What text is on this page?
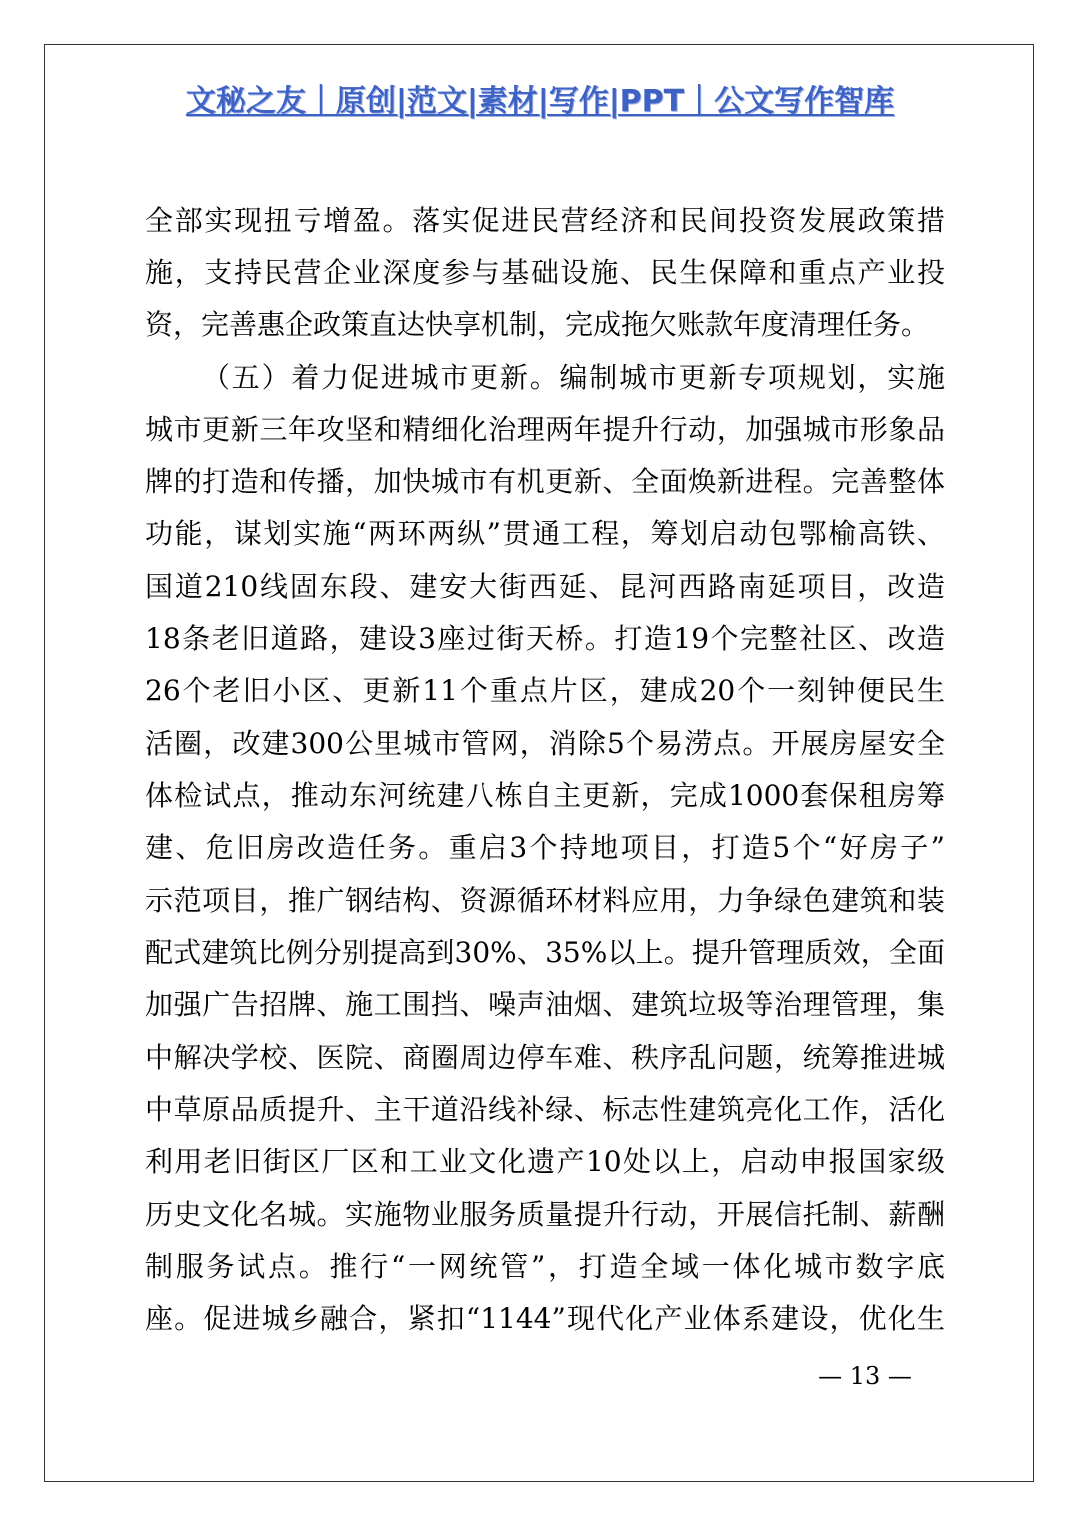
文秘之友｜原创|范文|素材|写作|PPT｜公文写作智库
全部实现扭亏增盈。落实促进民营经济和民间投资发展政策措
施，支持民营企业深度参与基础设施、民生保障和重点产业投
资，完善惠企政策直达快享机制，完成拖欠账款年度清理任务。
（五）着力促进城市更新。编制城市更新专项规划，实施
城市更新三年攻坚和精细化治理两年提升行动，加强城市形象品
牌的打造和传播，加快城市有机更新、全面焕新进程。完善整体
功能，谋划实施“两环两纵”贯通工程，筹划启动包鄂榆高铁、
国道210线固东段、建安大街西延、昆河西路南延项目，改造
18条老旧道路，建设3座过街天桥。打造19个完整社区、改造
26个老旧小区、更新11个重点片区，建成20个一刻钟便民生
活圈，改建300公里城市管网，消除5个易涝点。开展房屋安全
体检试点，推动东河统建八栋自主更新，完成1000套保租房筹
建、危旧房改造任务。重启3个持地项目，打造5个“好房子”
示范项目，推广钢结构、资源循环材料应用，力争绿色建筑和装
配式建筑比例分别提高到30%、35%以上。提升管理质效，全面
加强广告招牌、施工围挡、噪声油烟、建筑垃圾等治理管理，集
中解决学校、医院、商圈周边停车难、秩序乱问题，统筹推进城
中草原品质提升、主干道沿线补绿、标志性建筑亮化工作，活化
利用老旧街区厂区和工业文化遗产10处以上，启动申报国家级
历史文化名城。实施物业服务质量提升行动，开展信托制、薪酬
制服务试点。推行“一网统管”，打造全域一体化城市数字底
座。促进城乡融合，紧扣“1144”现代化产业体系建设，优化生
— 13 —
